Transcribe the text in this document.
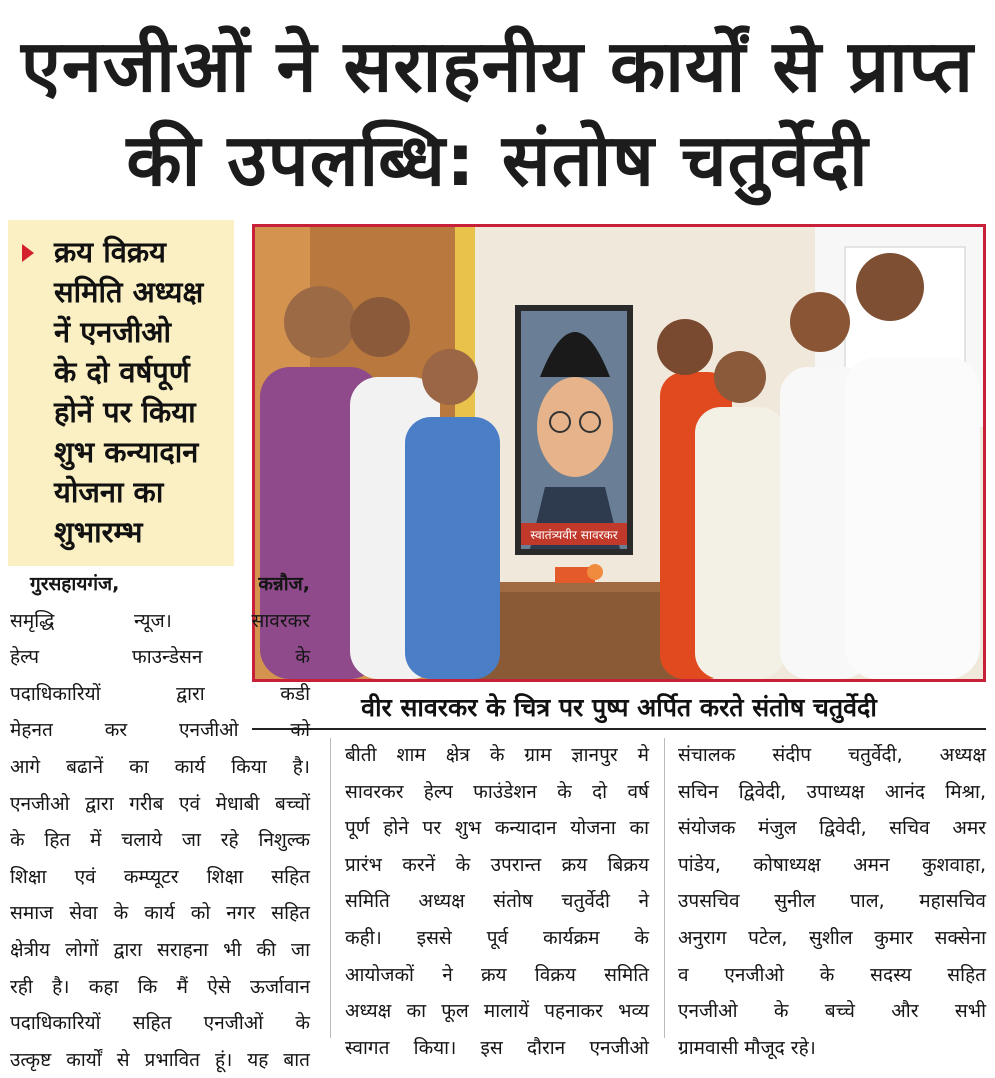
एनजीओं ने सराहनीय कार्यों से प्राप्त
की उपलब्धि: संतोष चतुर्वेदी
क्रय विक्रय
समिति अध्यक्ष
नें एनजीओ
के दो वर्षपूर्ण
होनें पर किया
शुभ कन्यादान
योजना का
शुभारम्भ	स्वातंत्र्यवीर सावरकर
वीर सावरकर के चित्र पर पुष्प अर्पित करते संतोष चतुर्वेदी

गुरसहायगंज, कन्नौज,

समृद्धि न्यूज। सावरकर

हेल्प फाउन्डेसन के

पदाधिकारियों द्वारा कडी

मेहनत कर एनजीओ को

आगे बढानें का कार्य किया है।

एनजीओ द्वारा गरीब एवं मेधाबी बच्चों

के हित में चलाये जा रहे निशुल्क

शिक्षा एवं कम्प्यूटर शिक्षा सहित

समाज सेवा के कार्य को नगर सहित

क्षेत्रीय लोगों द्वारा सराहना भी की जा

रही है। कहा कि मैं ऐसे ऊर्जावान

पदाधिकारियों सहित एनजीओं के

उत्कृष्ट कार्यों से प्रभावित हूं। यह बात

बीती शाम क्षेत्र के ग्राम ज्ञानपुर मे

सावरकर हेल्प फाउंडेशन के दो वर्ष

पूर्ण होने पर शुभ कन्यादान योजना का

प्रारंभ करनें के उपरान्त क्रय बिक्रय

समिति अध्यक्ष संतोष चतुर्वेदी ने

कही। इससे पूर्व कार्यक्रम के

आयोजकों ने क्रय विक्रय समिति

अध्यक्ष का फूल मालायें पहनाकर भव्य

स्वागत किया। इस दौरान एनजीओ

संचालक संदीप चतुर्वेदी, अध्यक्ष

सचिन द्विवेदी, उपाध्यक्ष आनंद मिश्रा,

संयोजक मंजुल द्विवेदी, सचिव अमर

पांडेय, कोषाध्यक्ष अमन कुशवाहा,

उपसचिव सुनील पाल, महासचिव

अनुराग पटेल, सुशील कुमार सक्सेना

व एनजीओ के सदस्य सहित

एनजीओ के बच्चे और सभी

ग्रामवासी मौजूद रहे।
